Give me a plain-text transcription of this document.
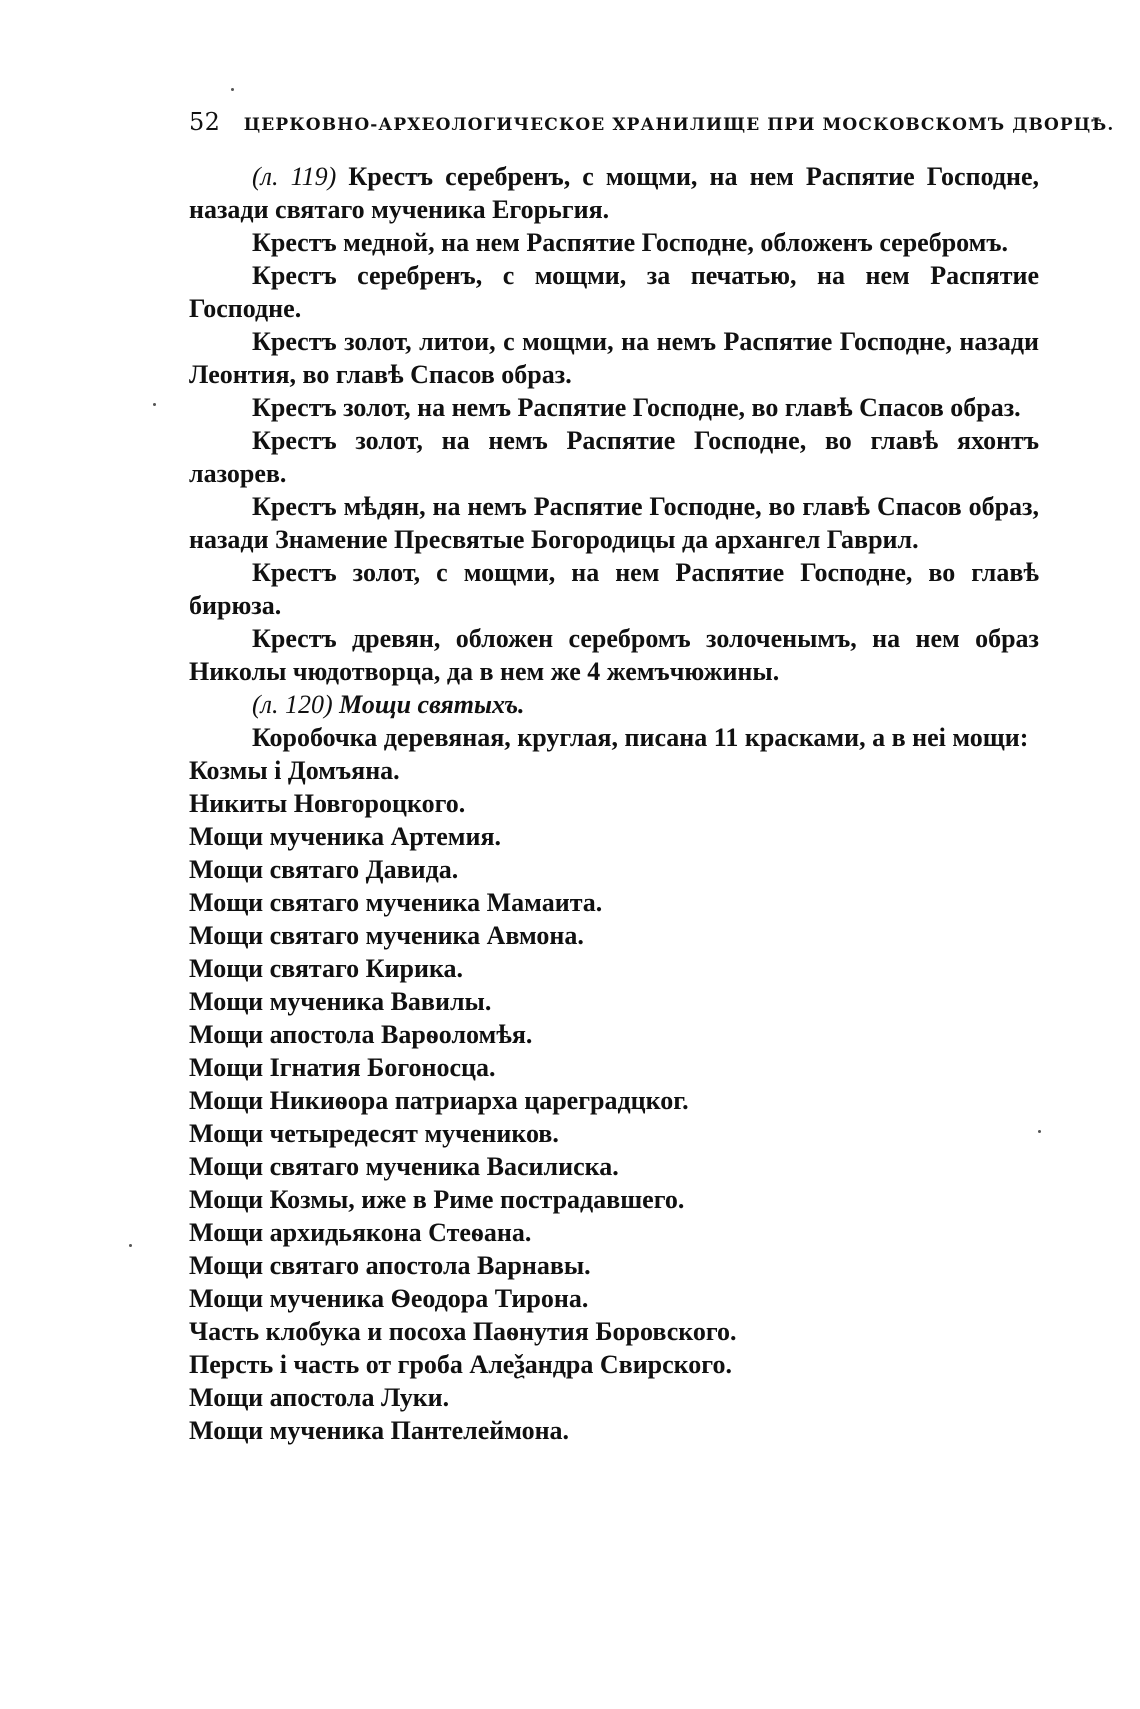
52 ЦЕРКОВНО-АРХЕОЛОГИЧЕСКОЕ ХРАНИЛИЩЕ ПРИ МОСКОВСКОМЪ ДВОРЦѢ.

(л. 119) Крестъ серебренъ, с мощми, на нем Распятие Господне, назади святаго мученика Егорьгия.

Крестъ медной, на нем Распятие Господне, обложенъ серебромъ.

Крестъ серебренъ, с мощми, за печатью, на нем Распятие Господне.

Крестъ золот, литои, с мощми, на немъ Распятие Господне, назади Леонтия, во главѣ Спасов образ.

Крестъ золот, на немъ Распятие Господне, во главѣ Спасов образ.

Крестъ золот, на немъ Распятие Господне, во главѣ яхонтъ лазорев.

Крестъ мѣдян, на немъ Распятие Господне, во главѣ Спасов образ, назади Знамение Пресвятые Богородицы да архангел Гаврил.

Крестъ золот, с мощми, на нем Распятие Господне, во главѣ бирюза.

Крестъ древян, обложен серебромъ золоченымъ, на нем образ Николы чюдотворца, да в нем же 4 жемъчюжины.

(л. 120) Мощи святыхъ.

Коробочка деревяная, круглая, писана 11 красками, а в неі мощи:

Козмы і Домъяна.

Никиты Новгороцкого.

Мощи мученика Артемия.

Мощи святаго Давида.

Мощи святаго мученика Мамаита.

Мощи святаго мученика Авмона.

Мощи святаго Кирика.

Мощи мученика Вавилы.

Мощи апостола Варѳоломѣя.

Мощи Ігнатия Богоносца.

Мощи Никиѳора патриарха цареградцког.

Мощи четыредесят мучеников.

Мощи святаго мученика Василиска.

Мощи Козмы, иже в Риме пострадавшего.

Мощи архидьякона Стеѳана.

Мощи святаго апостола Варнавы.

Мощи мученика Ѳеодора Тирона.

Часть клобука и посоха Паѳнутия Боровского.

Персть і часть от гроба Алеѯандра Свирского.

Мощи апостола Луки.

Мощи мученика Пантелеймона.
